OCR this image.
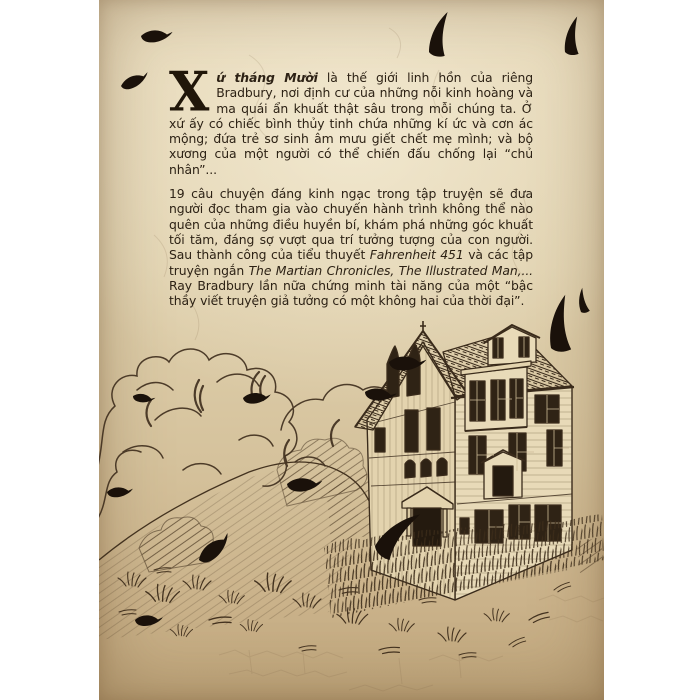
Xứ tháng Mười là thế giới linh hồn của riêng Bradbury, nơi định cư của những nỗi kinh hoàng và ma quái ẩn khuất thật sâu trong mỗi chúng ta. Ở xứ ấy có chiếc bình thủy tinh chứa những kí ức và cơn ác mộng; đứa trẻ sơ sinh âm mưu giết chết mẹ mình; và bộ xương của một người có thể chiến đấu chống lại “chủ nhân”...

19 câu chuyện đáng kinh ngạc trong tập truyện sẽ đưa người đọc tham gia vào chuyến hành trình không thể nào quên của những điều huyền bí, khám phá những góc khuất tối tăm, đáng sợ vượt qua trí tưởng tượng của con người. Sau thành công của tiểu thuyết Fahrenheit 451 và các tập truyện ngắn The Martian Chronicles, The Illustrated Man,... Ray Bradbury lần nữa chứng minh tài năng của một “bậc thầy viết truyện giả tưởng có một không hai của thời đại”.
